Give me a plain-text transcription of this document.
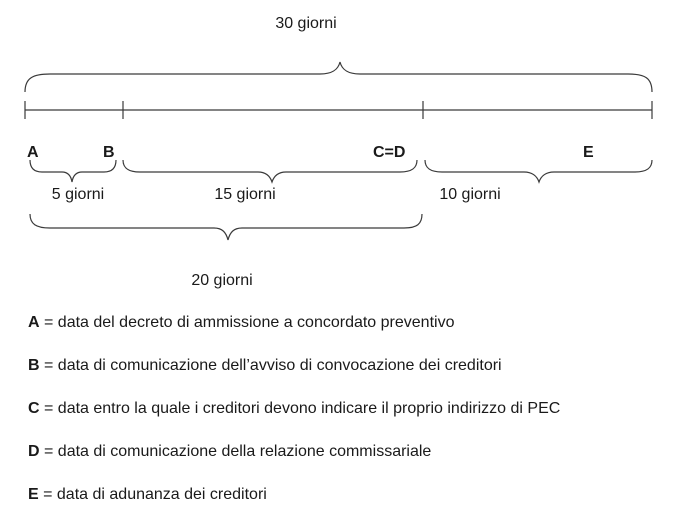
30 giorni
A	B	C=D	E
5 giorni	15 giorni	10 giorni
20 giorni
A = data del decreto di ammissione a concordato preventivo
B = data di comunicazione dell’avviso di convocazione dei creditori
C = data entro la quale i creditori devono indicare il proprio indirizzo di PEC
D = data di comunicazione della relazione commissariale
E = data di adunanza dei creditori
